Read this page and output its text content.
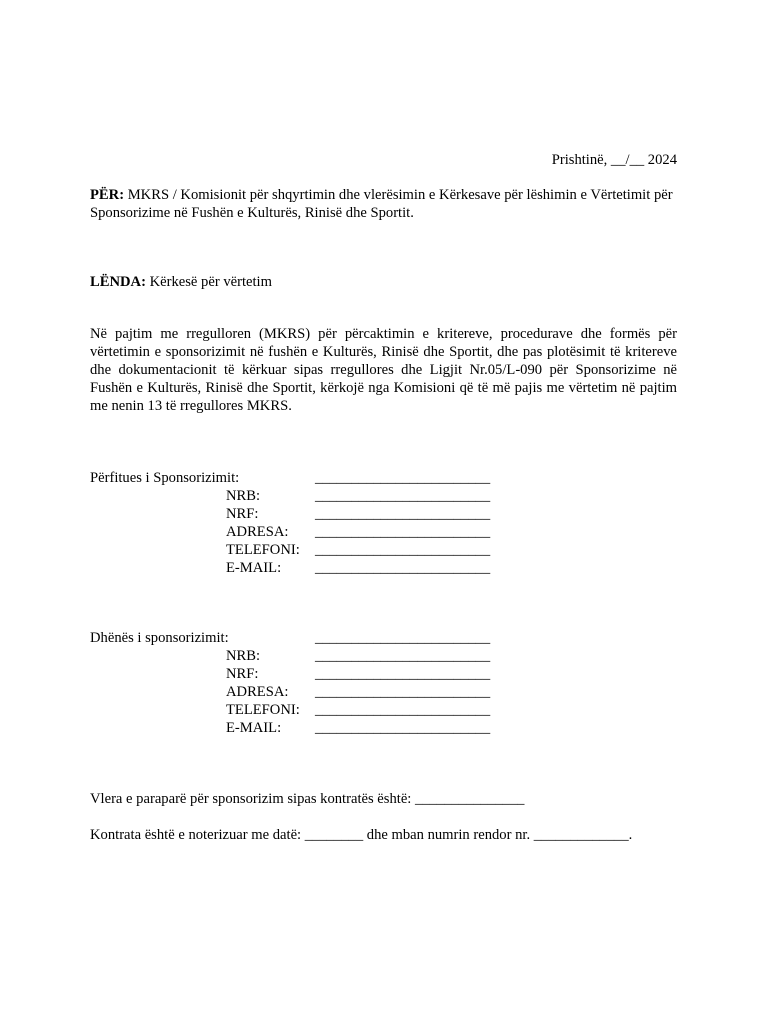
Prishtinë, __/__ 2024
PËR: MKRS / Komisionit për shqyrtimin dhe vlerësimin e Kërkesave për lëshimin e Vërtetimit për Sponsorizime në Fushën e Kulturës, Rinisë dhe Sportit.
LËNDA: Kërkesë për vërtetim
Në pajtim me rregulloren (MKRS) për përcaktimin e kritereve, procedurave dhe formës për vërtetimin e sponsorizimit në fushën e Kulturës, Rinisë dhe Sportit, dhe pas plotësimit të kritereve dhe dokumentacionit të kërkuar sipas rregullores dhe Ligjit Nr.05/L-090 për Sponsorizime në Fushën e Kulturës, Rinisë dhe Sportit, kërkojë nga Komisioni që të më pajis me vërtetim në pajtim me nenin 13 të rregullores MKRS.
Përfitues i Sponsorizimit:	________________________
NRB:	________________________
NRF:	________________________
ADRESA: ________________________
TELEFONI: ________________________
E-MAIL: ________________________
Dhënës i sponsorizimit:	________________________
NRB:	________________________
NRF:	________________________
ADRESA: ________________________
TELEFONI: ________________________
E-MAIL: ________________________
Vlera e paraparë për sponsorizim sipas kontratës është: _______________
Kontrata është e noterizuar me datë: ________ dhe mban numrin rendor nr. _____________.
